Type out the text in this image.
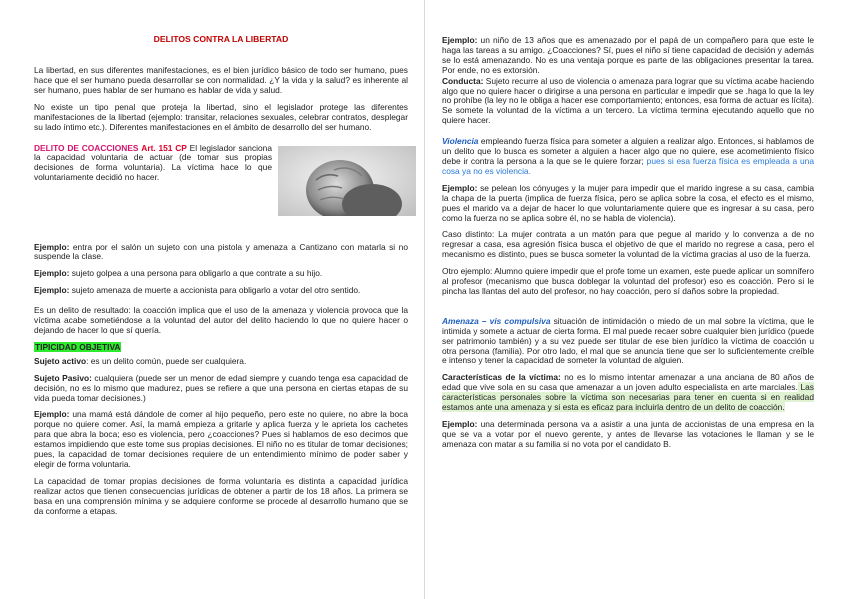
DELITOS CONTRA LA LIBERTAD

La libertad, en sus diferentes manifestaciones, es el bien jurídico básico de todo ser humano, pues hace que el ser humano pueda desarrollar se con normalidad. ¿Y la vida y la salud? es inherente al ser humano, pues hablar de ser humano es hablar de vida y salud.

No existe un tipo penal que proteja la libertad, sino el legislador protege las diferentes manifestaciones de la libertad (ejemplo: transitar, relaciones sexuales, celebrar contratos, desplegar su lado íntimo etc.). Diferentes manifestaciones en el ámbito de desarrollo del ser humano.

DELITO DE COACCIONES Art. 151 CP El legislador sanciona la capacidad voluntaria de actuar (de tomar sus propias decisiones de forma voluntaria). La víctima hace lo que voluntariamente decidió no hacer.

Ejemplo: entra por el salón un sujeto con una pistola y amenaza a Cantizano con matarla si no suspende la clase.

Ejemplo: sujeto golpea a una persona para obligarlo a que contrate a su hijo.

Ejemplo: sujeto amenaza de muerte a accionista para obligarlo a votar del otro sentido.

Es un delito de resultado: la coacción implica que el uso de la amenaza y violencia provoca que la víctima acabe sometiéndose a la voluntad del autor del delito haciendo lo que no quiere hacer o dejando de hacer lo que sí quería.

TIPICIDAD OBJETIVA

Sujeto activo: es un delito común, puede ser cualquiera.

Sujeto Pasivo: cualquiera (puede ser un menor de edad siempre y cuando tenga esa capacidad de decisión, no es lo mismo que madurez, pues se refiere a que una persona en ciertas etapas de su vida pueda tomar decisiones.)

Ejemplo: una mamá está dándole de comer al hijo pequeño, pero este no quiere, no abre la boca porque no quiere comer. Así, la mamá empieza a gritarle y aplica fuerza y le aprieta los cachetes para que abra la boca; eso es violencia, pero ¿coacciones? Pues si hablamos de eso decimos que estamos impidiendo que este tome sus propias decisiones. El niño no es titular de tomar decisiones; pues, la capacidad de tomar decisiones requiere de un entendimiento mínimo de poder saber y elegir de forma voluntaria.

La capacidad de tomar propias decisiones de forma voluntaria es distinta a capacidad jurídica realizar actos que tienen consecuencias jurídicas de obtener a partir de los 18 años. La primera se basa en una comprensión mínima y se adquiere conforme se procede al desarrollo humano que se da conforme a etapas.

Ejemplo: un niño de 13 años que es amenazado por el papá de un compañero para que este le haga las tareas a su amigo. ¿Coacciones? Sí, pues el niño sí tiene capacidad de decisión y además se lo está amenazando. No es una ventaja porque es parte de las obligaciones presentar la tarea. Por ende, no es extorsión.

Conducta: Sujeto recurre al uso de violencia o amenaza para lograr que su víctima acabe haciendo algo que no quiere hacer o dirigirse a una persona en particular e impedir que se .haga lo que la ley no prohíbe (la ley no le obliga a hacer ese comportamiento; entonces, esa forma de actuar es lícita). Se somete la voluntad de la víctima a un tercero. La víctima termina ejecutando aquello que no quiere hacer.

Violencia empleando fuerza física para someter a alguien a realizar algo. Entonces, si hablamos de un delito que lo busca es someter a alguien a hacer algo que no quiere, ese acometimiento físico debe ir contra la persona a la que se le quiere forzar; pues si esa fuerza física es empleada a una cosa ya no es violencia.

Ejemplo: se pelean los cónyuges y la mujer para impedir que el marido ingrese a su casa, cambia la chapa de la puerta (implica de fuerza física, pero se aplica sobre la cosa, el efecto es el mismo, pues el marido va a dejar de hacer lo que voluntariamente quiere que es ingresar a su casa, pero como la fuerza no se aplica sobre él, no se habla de violencia).

Caso distinto: La mujer contrata a un matón para que pegue al marido y lo convenza a de no regresar a casa, esa agresión física busca el objetivo de que el marido no regrese a casa, pero el mecanismo es distinto, pues se busca someter la voluntad de la víctima gracias al uso de la fuerza.

Otro ejemplo: Alumno quiere impedir que el profe tome un examen, este puede aplicar un somnífero al profesor (mecanismo que busca doblegar la voluntad del profesor) eso es coacción. Pero si le pincha las llantas del auto del profesor, no hay coacción, pero sí daños sobre la propiedad.

Amenaza – vis compulsiva situación de intimidación o miedo de un mal sobre la víctima, que le intimida y somete a actuar de cierta forma. El mal puede recaer sobre cualquier bien jurídico (puede ser patrimonio también) y a su vez puede ser titular de ese bien jurídico la víctima de coacción u otra persona (familia). Por otro lado, el mal que se anuncia tiene que ser lo suficientemente creíble e intenso y tener la capacidad de someter la voluntad de alguien.

Características de la víctima: no es lo mismo intentar amenazar a una anciana de 80 años de edad que vive sola en su casa que amenazar a un joven adulto especialista en arte marciales. Las características personales sobre la víctima son necesarias para tener en cuenta si en realidad estamos ante una amenaza y si esta es eficaz para incluirla dentro de un delito de coacción.

Ejemplo: una determinada persona va a asistir a una junta de accionistas de una empresa en la que se va a votar por el nuevo gerente, y antes de llevarse las votaciones le llaman y se le amenaza con matar a su familia si no vota por el candidato B.
